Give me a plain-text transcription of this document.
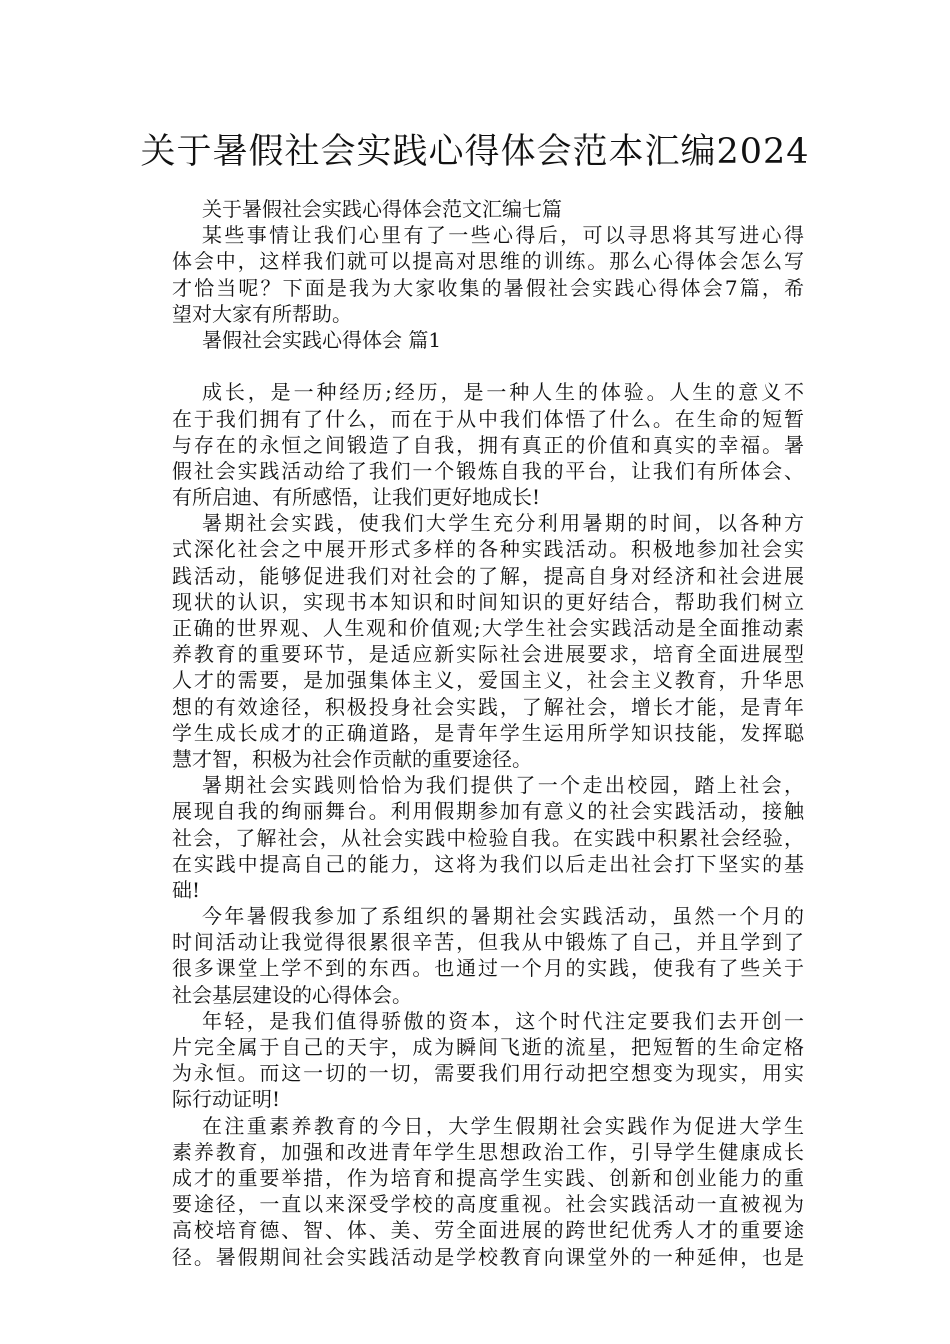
关于暑假社会实践心得体会范本汇编2024
关于暑假社会实践心得体会范文汇编七篇
某些事情让我们心里有了一些心得后，可以寻思将其写进心得
体会中，这样我们就可以提高对思维的训练。那么心得体会怎么写
才恰当呢？下面是我为大家收集的暑假社会实践心得体会7篇，希
望对大家有所帮助。
暑假社会实践心得体会 篇1
成长，是一种经历;经历，是一种人生的体验。人生的意义不
在于我们拥有了什么，而在于从中我们体悟了什么。在生命的短暂
与存在的永恒之间锻造了自我，拥有真正的价值和真实的幸福。暑
假社会实践活动给了我们一个锻炼自我的平台，让我们有所体会、
有所启迪、有所感悟，让我们更好地成长!
暑期社会实践，使我们大学生充分利用暑期的时间，以各种方
式深化社会之中展开形式多样的各种实践活动。积极地参加社会实
践活动，能够促进我们对社会的了解，提高自身对经济和社会进展
现状的认识，实现书本知识和时间知识的更好结合，帮助我们树立
正确的世界观、人生观和价值观;大学生社会实践活动是全面推动素
养教育的重要环节，是适应新实际社会进展要求，培育全面进展型
人才的需要，是加强集体主义，爱国主义，社会主义教育，升华思
想的有效途径，积极投身社会实践，了解社会，增长才能，是青年
学生成长成才的正确道路，是青年学生运用所学知识技能，发挥聪
慧才智，积极为社会作贡献的重要途径。
暑期社会实践则恰恰为我们提供了一个走出校园，踏上社会，
展现自我的绚丽舞台。利用假期参加有意义的社会实践活动，接触
社会，了解社会，从社会实践中检验自我。在实践中积累社会经验，
在实践中提高自己的能力，这将为我们以后走出社会打下坚实的基
础!
今年暑假我参加了系组织的暑期社会实践活动，虽然一个月的
时间活动让我觉得很累很辛苦，但我从中锻炼了自己，并且学到了
很多课堂上学不到的东西。也通过一个月的实践，使我有了些关于
社会基层建设的心得体会。
年轻，是我们值得骄傲的资本，这个时代注定要我们去开创一
片完全属于自己的天宇，成为瞬间飞逝的流星，把短暂的生命定格
为永恒。而这一切的一切，需要我们用行动把空想变为现实，用实
际行动证明!
在注重素养教育的今日，大学生假期社会实践作为促进大学生
素养教育，加强和改进青年学生思想政治工作，引导学生健康成长
成才的重要举措，作为培育和提高学生实践、创新和创业能力的重
要途径，一直以来深受学校的高度重视。社会实践活动一直被视为
高校培育德、智、体、美、劳全面进展的跨世纪优秀人才的重要途
径。暑假期间社会实践活动是学校教育向课堂外的一种延伸，也是
